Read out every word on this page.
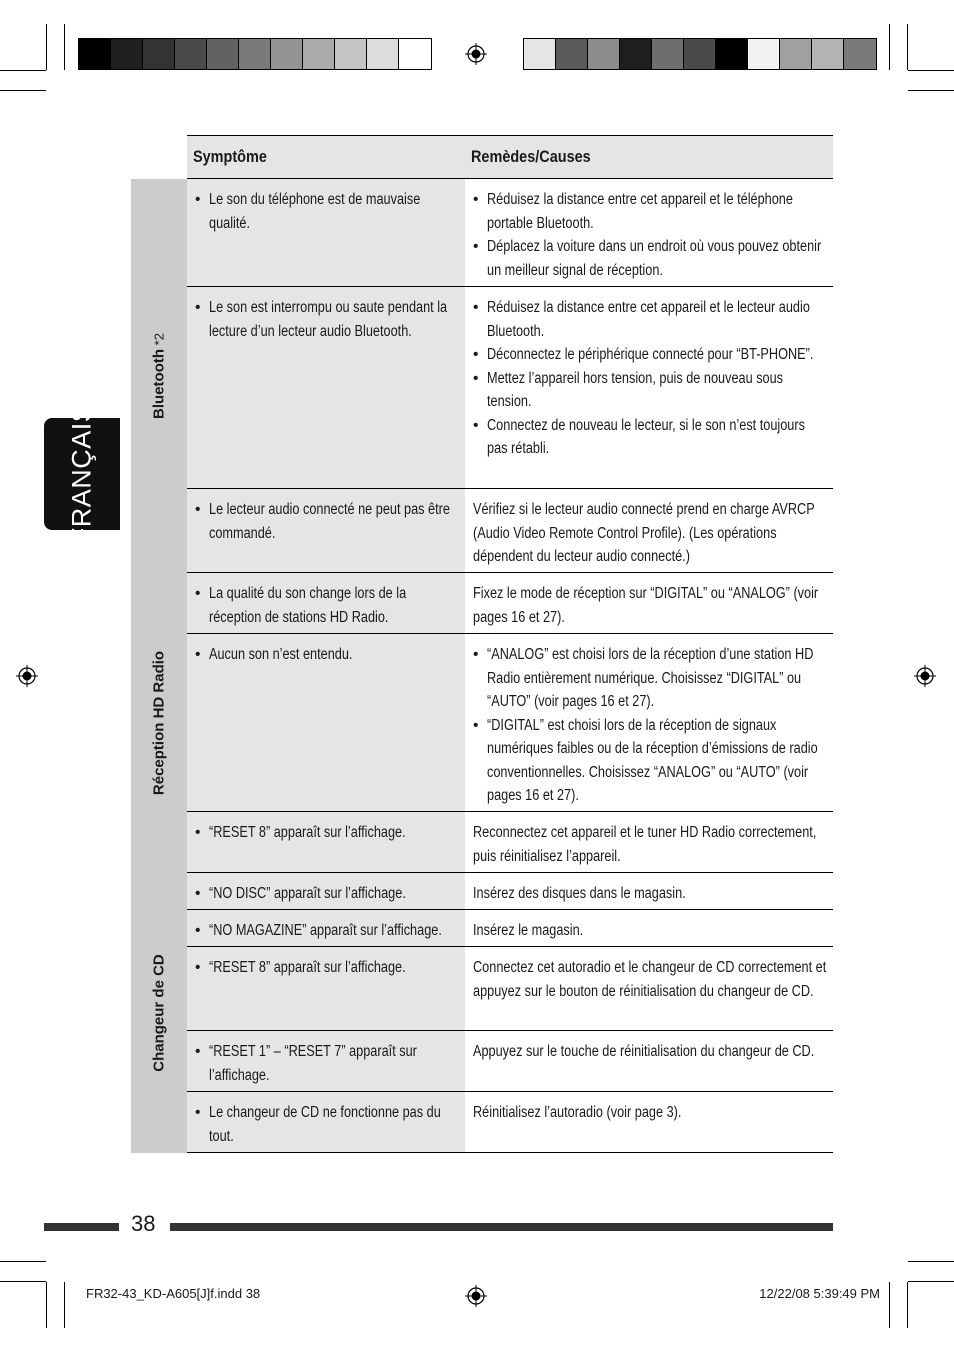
FRANÇAIS
Symptôme	Remèdes/Causes
Bluetooth *2
Réception HD Radio
Changeur de CD
• Le son du téléphone est de mauvaise qualité.
• Réduisez la distance entre cet appareil et le téléphone portable Bluetooth.
• Déplacez la voiture dans un endroit où vous pouvez obtenir un meilleur signal de réception.
• Le son est interrompu ou saute pendant la lecture d’un lecteur audio Bluetooth.
• Réduisez la distance entre cet appareil et le lecteur audio Bluetooth.
• Déconnectez le périphérique connecté pour “BT-PHONE”.
• Mettez l’appareil hors tension, puis de nouveau sous tension.
• Connectez de nouveau le lecteur, si le son n’est toujours pas rétabli.
• Le lecteur audio connecté ne peut pas être commandé.
Vérifiez si le lecteur audio connecté prend en charge AVRCP (Audio Video Remote Control Profile). (Les opérations dépendent du lecteur audio connecté.)
• La qualité du son change lors de la réception de stations HD Radio.
Fixez le mode de réception sur “DIGITAL” ou “ANALOG” (voir pages 16 et 27).
• Aucun son n’est entendu.
•	“ANALOG” est choisi lors de la réception d’une station HD Radio entièrement numérique. Choisissez “DIGITAL” ou “AUTO” (voir pages 16 et 27).
• “DIGITAL” est choisi lors de la réception de signaux numériques faibles ou de la réception d’émissions de radio conventionnelles. Choisissez “ANALOG” ou “AUTO” (voir pages 16 et 27).
• “RESET 8” apparaît sur l’affichage.	Reconnectez cet appareil et le tuner HD Radio correctement, puis réinitialisez l’appareil.
• “NO DISC” apparaît sur l’affichage.	Insérez des disques dans le magasin.
• “NO MAGAZINE” apparaît sur l’affichage.	Insérez le magasin.
• “RESET 8” apparaît sur l’affichage.	Connectez cet autoradio et le changeur de CD correctement et appuyez sur le bouton de réinitialisation du changeur de CD.
• “RESET 1” – “RESET 7” apparaît sur l’affichage.
Appuyez sur le touche de réinitialisation du changeur de CD.
• Le changeur de CD ne fonctionne pas du tout.
Réinitialisez l’autoradio (voir page 3).
38
FR32-43_KD-A605[J]f.indd 38	12/22/08 5:39:49 PM
